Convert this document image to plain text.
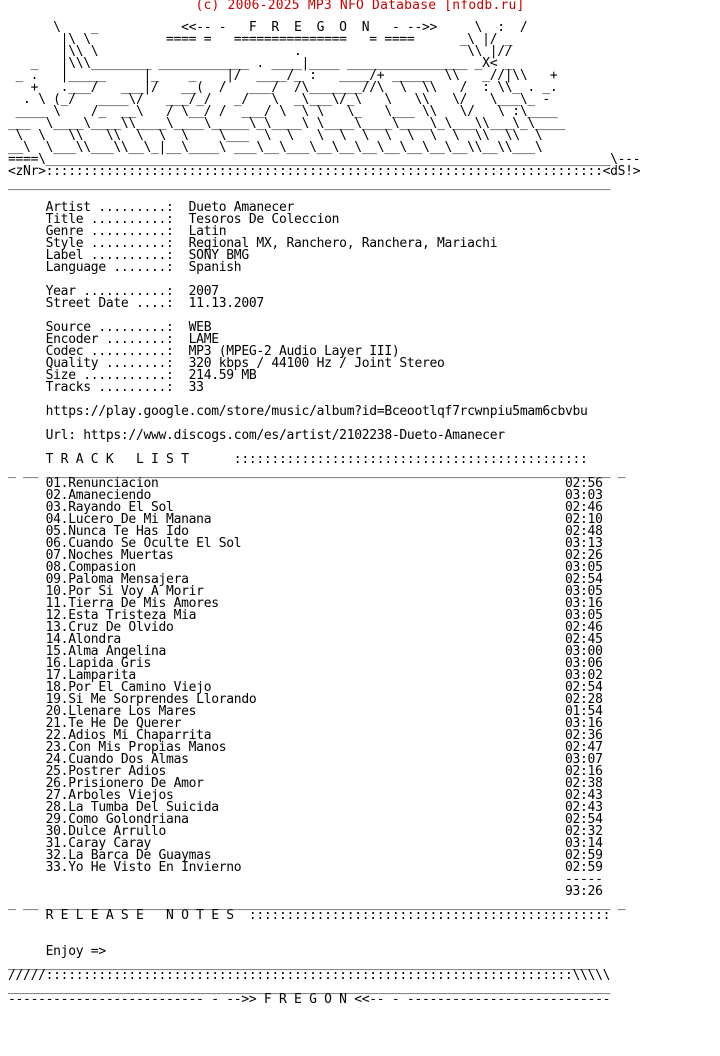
(c) 2006-2025 MP3 NFO Database [nfodb.ru]
\    _           <<-- -   F  R  E  G  O  N   - -->>     \  :  /
|\ \          ==== =   ===============   = ====      _\ |/ _
|\\ \                          .                      \\ |//
_   |\\\________ ____________ . ____|____ ________________ _X< _
_ .   |_____     |_    _    |/  ____/_ :   ____/+ _____  \\   _//|\\   +
+   .___/   ___|/   __(  /   ___/  /\_______//\  \  \\   /  : \\_ . _.
. \ (_/   ____\/   ___/_/   _/   \  _\___\/_\   \   \\   \/   \___\_ -
____ \    /_  __\   / \__/ /  ___/ \  \ \   \_   \___ \\   \/   \ :\____
___  \____\____\\____\____\_____\_\____\ \____\____\____\_\___\\___\_\____
\  \   \\   \\  \  \  \    \___  \  \   \  \  \  \  \  \  \  \\  \\  \
__\  \___\\___\\__\_|__\____\ ___\__\___\__\__\__\__\__\__\__\\__\\___\
====\___________________________________________________________________________\---
<zNr>::::::::::::::::::::::::::::::::::::::::::::::::::::::::::::::::::::::::::<dS!>
________________________________________________________________________________

Artist .........:  Dueto Amanecer
Title ..........:  Tesoros De Coleccion
Genre ..........:  Latin
Style ..........:  Regional MX, Ranchero, Ranchera, Mariachi
Label ..........:  SONY BMG
Language .......:  Spanish

Year ...........:  2007
Street Date ....:  11.13.2007

Source .........:  WEB
Encoder ........:  LAME
Codec ..........:  MP3 (MPEG-2 Audio Layer III)
Quality ........:  320 kbps / 44100 Hz / Joint Stereo
Size ...........:  214.59 MB
Tracks .........:  33

https://play.google.com/store/music/album?id=Bceootlqf7rcwnpiu5mam6cbvbu

Url: https://www.discogs.com/es/artist/2102238-Dueto-Amanecer

T R A C K   L I S T      :::::::::::::::::::::::::::::::::::::::::::::::
_ __ ___________________________________________________________________________ _
01.Renunciacion                                                      02:56
02.Amaneciendo                                                       03:03
03.Rayando El Sol                                                    02:46
04.Lucero De Mi Manana                                               02:10
05.Nunca Te Has Ido                                                  02:48
06.Cuando Se Oculte El Sol                                           03:13
07.Noches Muertas                                                    02:26
08.Compasion                                                         03:05
09.Paloma Mensajera                                                  02:54
10.Por Si Voy A Morir                                                03:05
11.Tierra De Mis Amores                                              03:16
12.Esta Tristeza Mia                                                 03:05
13.Cruz De Olvido                                                    02:46
14.Alondra                                                           02:45
15.Alma Angelina                                                     03:00
16.Lapida Gris                                                       03:06
17.Lamparita                                                         03:02
18.Por El Camino Viejo                                               02:54
19.Si Me Sorprendes Llorando                                         02:28
20.Llenare Los Mares                                                 01:54
21.Te He De Querer                                                   03:16
22.Adios Mi Chaparrita                                               02:36
23.Con Mis Propias Manos                                             02:47
24.Cuando Dos Almas                                                  03:07
25.Postrer Adios                                                     02:16
26.Prisionero De Amor                                                02:38
27.Arboles Viejos                                                    02:43
28.La Tumba Del Suicida                                              02:43
29.Como Golondriana                                                  02:54
30.Dulce Arrullo                                                     02:32
31.Caray Caray                                                       03:14
32.La Barca De Guaymas                                               02:59
33.Yo He Visto En Invierno                                           02:59
-----
93:26
_ __ ___________________________________________________________________________ _
R E L E A S E   N O T E S  ::::::::::::::::::::::::::::::::::::::::::::::::

Enjoy =>
______________________________________________________________________________
/////::::::::::::::::::::::::::::::::::::::::::::::::::::::::::::::::::::::\\\\\
________________________________________________________________________________
-------------------------- - -->> F R E G O N <<-- - ---------------------------
